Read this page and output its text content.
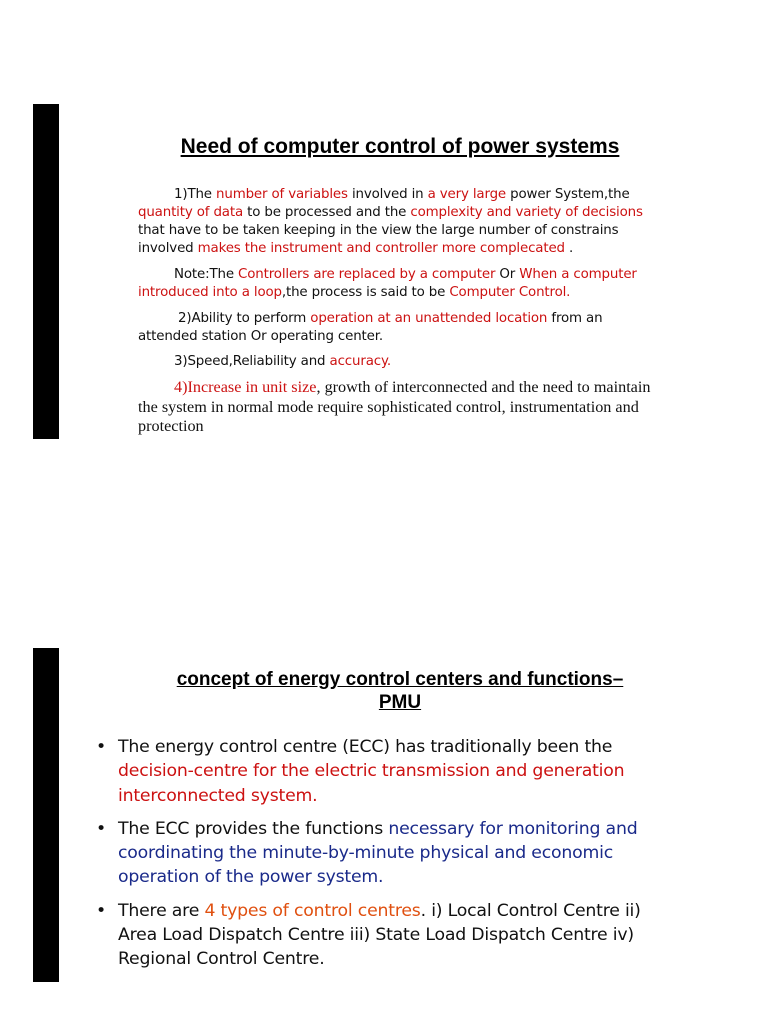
Need of computer control of power systems
1)The number of variables involved in a very large power System,the quantity of data to be processed and the complexity and variety of decisions that have to be taken keeping in the view the large number of constrains involved makes the instrument and controller more complecated .
Note:The Controllers are replaced by a computer Or When a computer introduced into a loop,the process is said to be Computer Control.
2)Ability to perform operation at an unattended location from an attended station Or operating center.
3)Speed,Reliability and accuracy.
4)Increase in unit size, growth of interconnected and the need to maintain the system in normal mode require sophisticated control, instrumentation and protection
concept of energy control centers and functions–
PMU
• The energy control centre (ECC) has traditionally been the decision-centre for the electric transmission and generation interconnected system.
• The ECC provides the functions necessary for monitoring and coordinating the minute-by-minute physical and economic operation of the power system.
• There are 4 types of control centres. i) Local Control Centre ii) Area Load Dispatch Centre iii) State Load Dispatch Centre iv) Regional Control Centre.
